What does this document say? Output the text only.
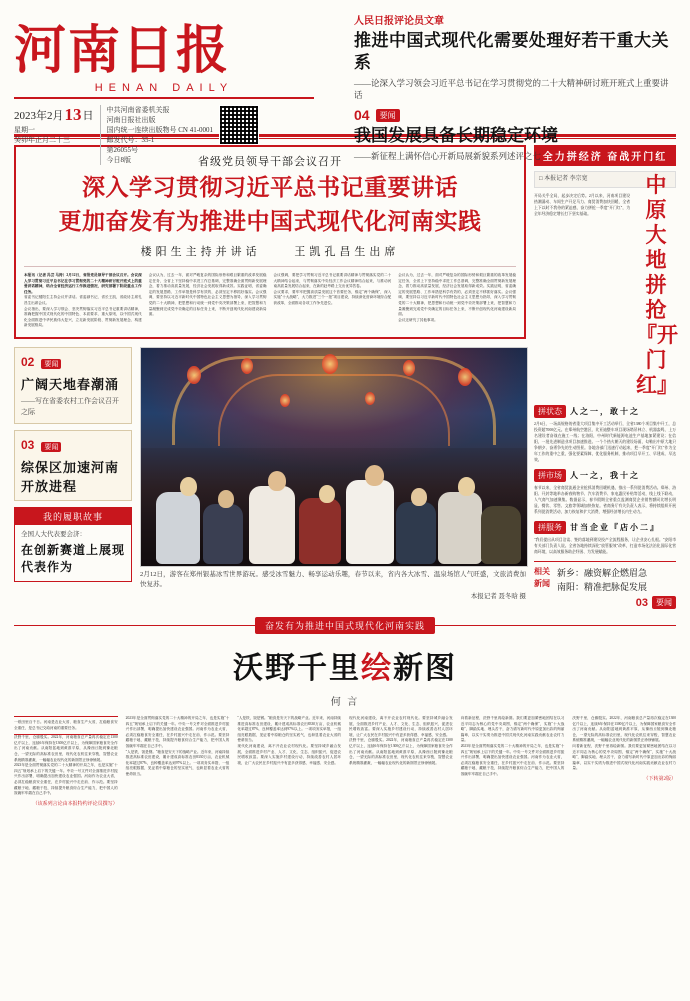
河南日报
HENAN DAILY
2023年2月13日
星期一
癸卯年正月二十三
中共河南省委机关报
河南日报社出版
国内统一连续出版物号 CN 41-0001
邮发代号：35-1
第26055号
今日8版
人民日报评论员文章
推进中国式现代化需要处理好若干重大关系
——论深入学习领会习近平总书记在学习贯彻党的二十大精神研讨班开班式上重要讲话
04	要闻
我国发展具备长期稳定环境
——新征程上满怀信心开新局展新貌系列述评之七
省级党员领导干部会议召开
深入学习贯彻习近平总书记重要讲话
更加奋发有为推进中国式现代化河南实践
楼阳生主持并讲话	王凯孔昌生出席
本报讯（记者 冯芸 马涛）2月12日，省级党员领导干部会议召开。会议深入学习贯彻习近平总书记在学习贯彻党的二十大精神研讨班开班式上的重要讲话精神，结合全省经济运行工作推进情况，研究部署下阶段重点工作任务。
省委书记楼阳生主持会议并讲话。省委副书记、省长王凯，省政协主席孔昌生出席会议。
会议指出，要深入学习领会、坚决贯彻落实习近平总书记重要讲话精神，准确把握中国式现代化的中国特色、本质要求、重大原则，以中国式现代化全面推进中华民族伟大复兴，立足新发展阶段、贯彻新发展理念、构建新发展格局。
会议认为，过去一年，面对严峻复杂的国际形势和艰巨繁重的改革发展稳定任务，全省上下坚持稳中求进工作总基调，完整准确全面贯彻新发展理念，着力推动高质量发展，经济社会发展取得新成效。实践证明，省委确定的发展思路、工作举措是科学有效的，必须坚定不移抓好落实。会议强调，要坚持以习近平新时代中国特色社会主义思想为指导，深入学习贯彻党的二十大精神，把思想和行动统一到党中央决策部署上来，把智慧和力量凝聚到完成党中央确定的目标任务上来，不断开创现代化河南建设新局面。
会议强调，要把学习贯彻习近平总书记重要讲话精神与贯彻落实党的二十大精神结合起来，与贯彻落实中央经济工作会议精神结合起来，与推动河南高质量发展结合起来，在新的赶考路上交出优异答卷。
会议要求，要牢牢把握高质量发展这个首要任务，锚定"两个确保"，深入实施"十大战略"，大力推进"三个一批"项目建设，持续深化营商环境综合配套改革，全面推动各项工作争先进位。
会议认为，过去一年，面对严峻复杂的国际形势和艰巨繁重的改革发展稳定任务，全省上下坚持稳中求进工作总基调，完整准确全面贯彻新发展理念，着力推动高质量发展，经济社会发展取得新成效。实践证明，省委确定的发展思路、工作举措是科学有效的，必须坚定不移抓好落实。会议强调，要坚持以习近平新时代中国特色社会主义思想为指导，深入学习贯彻党的二十大精神，把思想和行动统一到党中央决策部署上来，把智慧和力量凝聚到完成党中央确定的目标任务上来，不断开创现代化河南建设新局面。
会议还研究了其他事项。
02 要闻
广阔天地春潮涌
——写在省委农村工作会议召开之际
03 要闻
综保区加速河南开放进程
我的履职故事
全国人大代表要会济：
在创新赛道上展现代表作为
2月12日，游客在郑州银基冰雪世界游玩。感受冰雪魅力、畅享运动乐趣，春节以来，省内各大冰雪、温泉场馆人气旺盛，文旅消费加快复苏。
本报记者 聂冬晗 摄
全力拼经济 奋战开门红
中原大地拼抢『开门红』
□ 本报记者 李宗宽
开局关乎全局，起步决定后势。2月以来，河南项目建设热潮涌动、车间生产开足马力、商贸消费加快回暖，全省上下以时不我待的紧迫感，奋力拼抢一季度"开门红"，为全年经济稳定增长打下坚实基础。
拼状态	人之一，敢十之
2月6日，一场高规格的省重大项目集中开工活动举行，全省1380个项目集中开工，总投资超7000亿元。在郑州航空港区，比亚迪整车项目现场塔吊林立、机器轰鸣，上万名建设者奋战在施工一线；在洛阳，中州时代新能源电池生产基地加紧建设；在信阳，一批先进制造业项目加速推进。一个个热火朝天的建设场面，勾勒出中原大地只争朝夕、奋勇争先的生动图景。各地各部门迅速行动起来，把一季度"开门红"作为全年工作的重中之重，强化要素保障，优化服务机制，推动项目早开工、早建成、早达效。
拼市场	人一之，我十之
春节以来，全省商贸流通企业抢抓消费回暖机遇，推出一系列促消费活动。郑州、洛阳、开封等地举办新春购物节、汽车消费节、家电惠民补贴等活动，线上线下联动，人气商气加速聚集。数据显示，春节假期全省重点监测商贸企业销售额同比增长明显，餐饮、零售、文旅等领域加快恢复。省商务厅有关负责人表示，将持续组织开展系列促消费活动，加力恢复和扩大消费，增强经济增长内生动力。
拼服务	甘当企业『店小二』
"我们提出从项目洽谈、签约落地到建设投产全流程服务，让企业安心扎根。"安阳市有关部门负责人说。全省各地持续深化"放管服效"改革，打造市场化法治化国际化营商环境，以高效服务助企纾困、为发展赋能。
相关新闻
新乡：融资解企燃眉急
南阳：精准把脉促发展
03	要闻
奋发有为推进中国式现代化河南实践
沃野千里绘新图
何 言
一纸田里百千日。河南是农业大省、粮食生产大省，扛稳粮食安全重任，是总书记交给河南的重要任务。
沃野千里，仓廪殷实。2022年，河南粮食总产量再次稳定在1300亿斤以上，连续6年保持在1300亿斤以上，为保障国家粮食安全作出了河南贡献。从南阳盆地到黄淮平原，从豫西丘陵到豫北粮仓，一望无际的高标准农田里，现代化农机往来穿梭，智慧农业系统精准灌溉，一幅幅农业现代化的新图景正徐徐铺展。
2023年是全面贯彻落实党的二十大精神的开局之年，也是实施"十四五"规划承上启下的关键一年。中央一号文件对全面推进乡村振兴作出部署，明确提出加快建设农业强国。河南作为农业大省，必须扛稳粮食安全重任，在乡村振兴中走在前、作示范。要坚持藏粮于地、藏粮于技，持续提升粮食综合生产能力，把中国人的饭碗牢牢端在自己手中。
（该系列言论由本报特约评论员撰写）
2023年是全面贯彻落实党的二十大精神的开局之年，也是实施"十四五"规划承上启下的关键一年。中央一号文件对全面推进乡村振兴作出部署，明确提出加快建设农业强国。河南作为农业大省，必须扛稳粮食安全重任，在乡村振兴中走在前、作示范。要坚持藏粮于地、藏粮于技，持续提升粮食综合生产能力，把中国人的饭碗牢牢端在自己手中。
"人是铁，饭是钢。"粮食是安天下的战略产业。近年来，河南持续推进高标准农田建设，累计建成高标准农田8330万亩，农业机械化率超过87%，良种覆盖率达到97%以上。一项项务实举措，一组组亮眼数据，见证着中原粮仓的坚实底气，也彰显着农业大省的使命担当。
"人是铁，饭是钢。"粮食是安天下的战略产业。近年来，河南持续推进高标准农田建设，累计建成高标准农田8330万亩，农业机械化率超过87%，良种覆盖率达到97%以上。一项项务实举措，一组组亮眼数据，见证着中原粮仓的坚实底气，也彰显着农业大省的使命担当。
现代化河南建设，离不开农业农村现代化。要坚持城乡融合发展，全面推进乡村产业、人才、文化、生态、组织振兴，促进农民增收致富。要深入实施乡村建设行动，持续改善农村人居环境，让广大农民在乡村振兴中有更多获得感、幸福感、安全感。
现代化河南建设，离不开农业农村现代化。要坚持城乡融合发展，全面推进乡村产业、人才、文化、生态、组织振兴，促进农民增收致富。要深入实施乡村建设行动，持续改善农村人居环境，让广大农民在乡村振兴中有更多获得感、幸福感、安全感。
沃野千里，仓廪殷实。2022年，河南粮食总产量再次稳定在1300亿斤以上，连续6年保持在1300亿斤以上，为保障国家粮食安全作出了河南贡献。从南阳盆地到黄淮平原，从豫西丘陵到豫北粮仓，一望无际的高标准农田里，现代化农机往来穿梭，智慧农业系统精准灌溉，一幅幅农业现代化的新图景正徐徐铺展。
向着新征程，沃野千里再绘新图。我们要更加紧密地团结在以习近平同志为核心的党中央周围，锚定"两个确保"，实施"十大战略"，脚踏实地、埋头苦干，奋力谱写新时代中原更加出彩的绚丽篇章，以实干实绩为推进中国式现代化河南实践贡献农业农村力量。
2023年是全面贯彻落实党的二十大精神的开局之年，也是实施"十四五"规划承上启下的关键一年。中央一号文件对全面推进乡村振兴作出部署，明确提出加快建设农业强国。河南作为农业大省，必须扛稳粮食安全重任，在乡村振兴中走在前、作示范。要坚持藏粮于地、藏粮于技，持续提升粮食综合生产能力，把中国人的饭碗牢牢端在自己手中。
沃野千里，仓廪殷实。2022年，河南粮食总产量再次稳定在1300亿斤以上，连续6年保持在1300亿斤以上，为保障国家粮食安全作出了河南贡献。从南阳盆地到黄淮平原，从豫西丘陵到豫北粮仓，一望无际的高标准农田里，现代化农机往来穿梭，智慧农业系统精准灌溉，一幅幅农业现代化的新图景正徐徐铺展。
向着新征程，沃野千里再绘新图。我们要更加紧密地团结在以习近平同志为核心的党中央周围，锚定"两个确保"，实施"十大战略"，脚踏实地、埋头苦干，奋力谱写新时代中原更加出彩的绚丽篇章，以实干实绩为推进中国式现代化河南实践贡献农业农村力量。
（下转第2版）
